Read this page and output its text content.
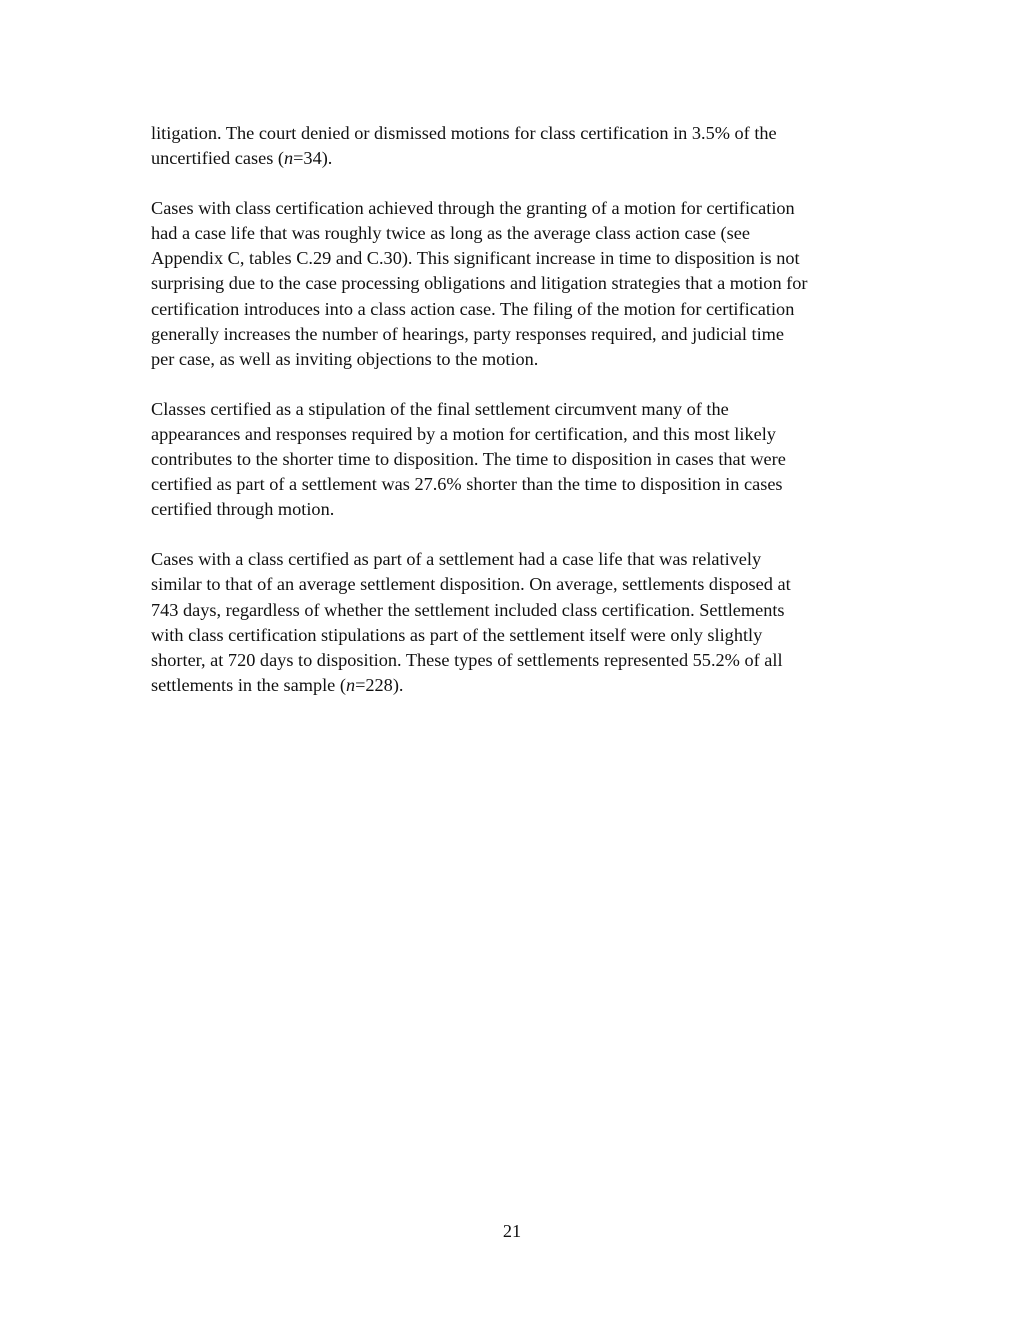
litigation. The court denied or dismissed motions for class certification in 3.5% of the
uncertified cases (n=34).

Cases with class certification achieved through the granting of a motion for certification
had a case life that was roughly twice as long as the average class action case (see
Appendix C, tables C.29 and C.30). This significant increase in time to disposition is not
surprising due to the case processing obligations and litigation strategies that a motion for
certification introduces into a class action case. The filing of the motion for certification
generally increases the number of hearings, party responses required, and judicial time
per case, as well as inviting objections to the motion.

Classes certified as a stipulation of the final settlement circumvent many of the
appearances and responses required by a motion for certification, and this most likely
contributes to the shorter time to disposition. The time to disposition in cases that were
certified as part of a settlement was 27.6% shorter than the time to disposition in cases
certified through motion.

Cases with a class certified as part of a settlement had a case life that was relatively
similar to that of an average settlement disposition. On average, settlements disposed at
743 days, regardless of whether the settlement included class certification. Settlements
with class certification stipulations as part of the settlement itself were only slightly
shorter, at 720 days to disposition. These types of settlements represented 55.2% of all
settlements in the sample (n=228).

21
